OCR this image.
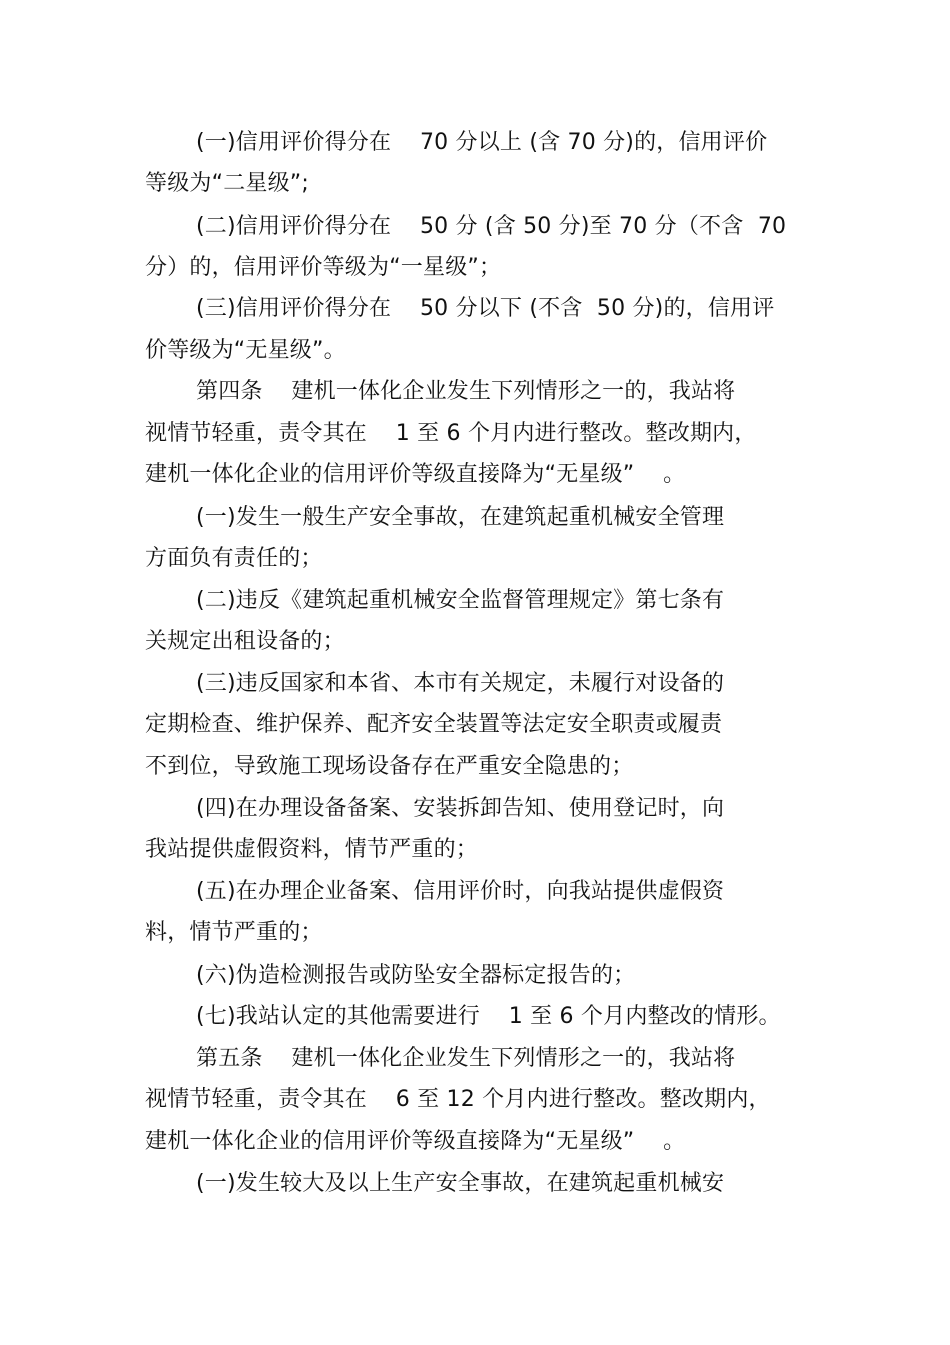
(一)信用评价得分在    70 分以上 (含 70 分)的，信用评价
等级为“二星级”;
(二)信用评价得分在    50 分 (含 50 分)至 70 分（不含  70
分）的，信用评价等级为“一星级”；
(三)信用评价得分在    50 分以下 (不含  50 分)的，信用评
价等级为“无星级”。
第四条    建机一体化企业发生下列情形之一的，我站将
视情节轻重，责令其在    1 至 6 个月内进行整改。整改期内，
建机一体化企业的信用评价等级直接降为“无星级”    。
(一)发生一般生产安全事故，在建筑起重机械安全管理
方面负有责任的；
(二)违反《建筑起重机械安全监督管理规定》第七条有
关规定出租设备的；
(三)违反国家和本省、本市有关规定，未履行对设备的
定期检查、维护保养、配齐安全装置等法定安全职责或履责
不到位，导致施工现场设备存在严重安全隐患的；
(四)在办理设备备案、安装拆卸告知、使用登记时，向
我站提供虚假资料，情节严重的；
(五)在办理企业备案、信用评价时，向我站提供虚假资
料，情节严重的；
(六)伪造检测报告或防坠安全器标定报告的；
(七)我站认定的其他需要进行    1 至 6 个月内整改的情形。
第五条    建机一体化企业发生下列情形之一的，我站将
视情节轻重，责令其在    6 至 12 个月内进行整改。整改期内，
建机一体化企业的信用评价等级直接降为“无星级”    。
(一)发生较大及以上生产安全事故，在建筑起重机械安
